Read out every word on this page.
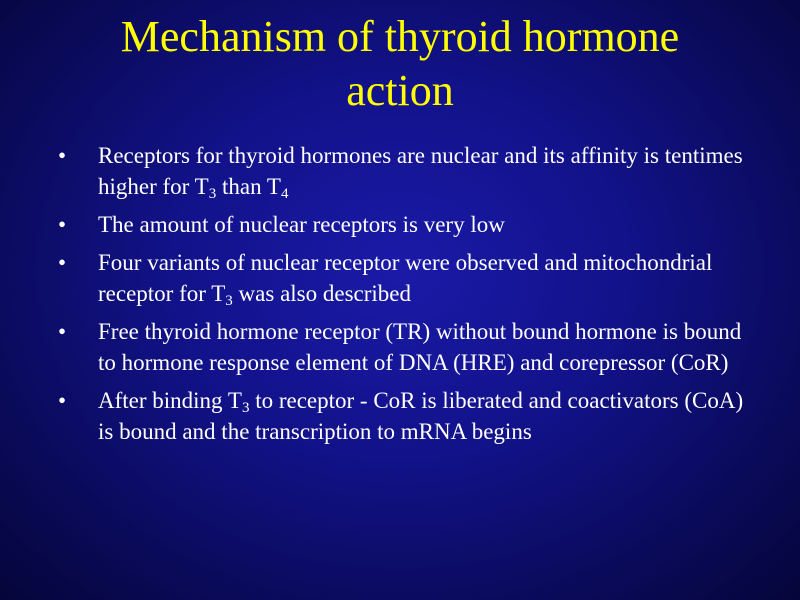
Mechanism of thyroid hormone
action
•	Receptors for thyroid hormones are nuclear and its affinity is tentimes higher for $T_3$ than $T_4$
•	The amount of nuclear receptors is very low
•	Four variants of nuclear receptor were observed and mitochondrial receptor for $T_3$ was also described
•	Free thyroid hormone receptor (TR) without bound hormone is bound to hormone response element of DNA (HRE) and corepressor (CoR)
•	After binding $T_3$ to receptor - CoR is liberated and coactivators (CoA) is bound and the transcription to mRNA begins
